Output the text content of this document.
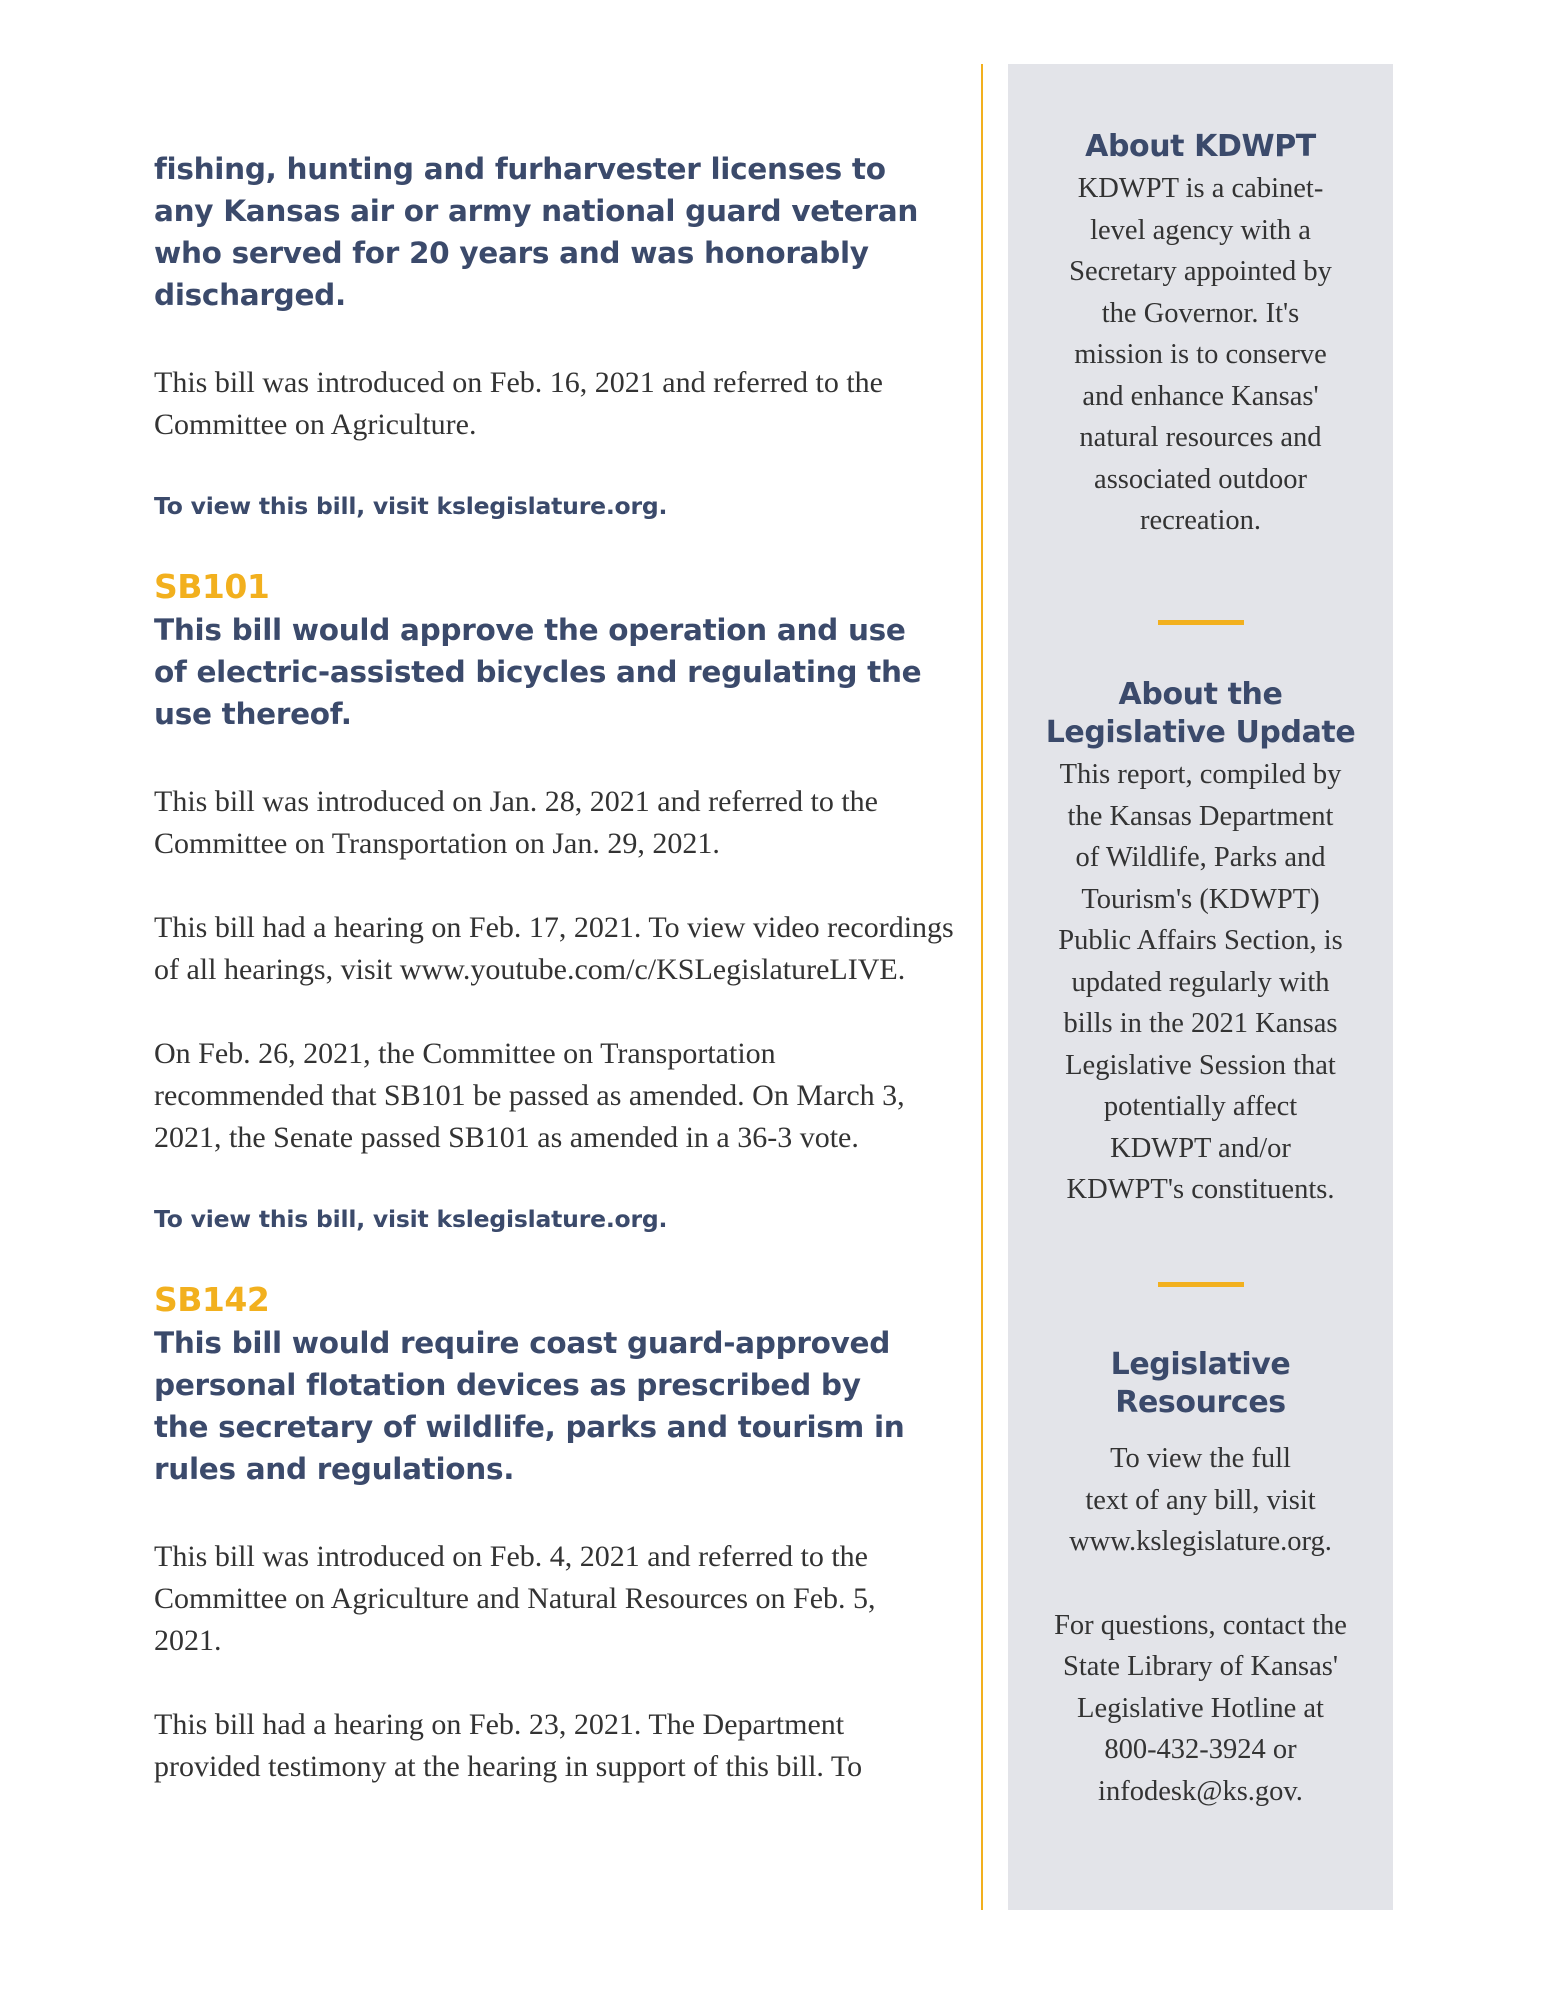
fishing, hunting and furharvester licenses to any Kansas air or army national guard veteran who served for 20 years and was honorably discharged.

This bill was introduced on Feb. 16, 2021 and referred to the Committee on Agriculture.

To view this bill, visit kslegislature.org.

SB101

This bill would approve the operation and use of electric-assisted bicycles and regulating the use thereof.

This bill was introduced on Jan. 28, 2021 and referred to the Committee on Transportation on Jan. 29, 2021.

This bill had a hearing on Feb. 17, 2021. To view video recordings of all hearings, visit www.youtube.com/c/KSLegislatureLIVE.

On Feb. 26, 2021, the Committee on Transportation recommended that SB101 be passed as amended. On March 3, 2021, the Senate passed SB101 as amended in a 36-3 vote.

To view this bill, visit kslegislature.org.

SB142

This bill would require coast guard-approved personal flotation devices as prescribed by the secretary of wildlife, parks and tourism in rules and regulations.

This bill was introduced on Feb. 4, 2021 and referred to the Committee on Agriculture and Natural Resources on Feb. 5, 2021.

This bill had a hearing on Feb. 23, 2021. The Department provided testimony at the hearing in support of this bill. To

About KDWPT

KDWPT is a cabinet-
level agency with a
Secretary appointed by
the Governor. It's
mission is to conserve
and enhance Kansas'
natural resources and
associated outdoor
recreation.

About the
Legislative Update

This report, compiled by
the Kansas Department
of Wildlife, Parks and
Tourism's (KDWPT)
Public Affairs Section, is
updated regularly with
bills in the 2021 Kansas
Legislative Session that
potentially affect
KDWPT and/or
KDWPT's constituents.

Legislative
Resources

To view the full
text of any bill, visit
www.kslegislature.org.

For questions, contact the
State Library of Kansas'
Legislative Hotline at
800-432-3924 or
infodesk@ks.gov.
